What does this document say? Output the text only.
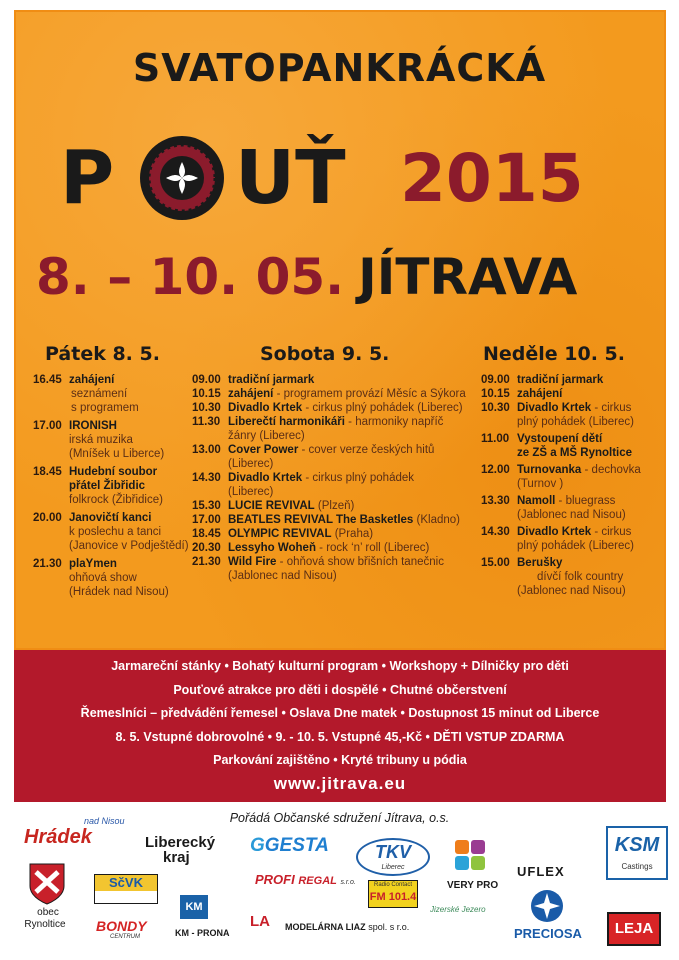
SVATOPANKRÁCKÁ
P UŤ 2015
8. – 10. 05. JÍTRAVA
Pátek 8. 5.
16.45 zahájení
seznámení
s programem
17.00 IRONISH
irská muzika
(Mníšek u Liberce)
18.45 Hudební soubor
přátel Žibřidic
folkrock (Žibřidice)
20.00 Janovičtí kanci
k poslechu a tanci
(Janovice v Podještědí)
21.30 plaYmen
ohňová show
(Hrádek nad Nisou)
Sobota 9. 5.
09.00 tradiční jarmark
10.15 zahájení - programem provází Měsíc a Sýkora
10.30 Divadlo Krtek - cirkus plný pohádek (Liberec)
11.30 Liberečtí harmonikáři - harmoniky napříč
žánry (Liberec)
13.00 Cover Power - cover verze českých hitů
(Liberec)
14.30 Divadlo Krtek - cirkus plný pohádek
(Liberec)
15.30 LUCIE REVIVAL (Plzeň)
17.00 BEATLES REVIVAL The Basketles (Kladno)
18.45 OLYMPIC REVIVAL (Praha)
20.30 Lessyho Woheň - rock ‘n’ roll (Liberec)
21.30 Wild Fire - ohňová show břišních tanečnic
(Jablonec nad Nisou)
Neděle 10. 5.
09.00 tradiční jarmark
10.15 zahájení
10.30 Divadlo Krtek - cirkus
plný pohádek (Liberec)
11.00 Vystoupení dětí
ze ZŠ a MŠ Rynoltice
12.00 Turnovanka - dechovka
(Turnov )
13.30 Namoll - bluegrass
(Jablonec nad Nisou)
14.30 Divadlo Krtek - cirkus
plný pohádek (Liberec)
15.00 Berušky
dívčí folk country
(Jablonec nad Nisou)
Jarmareční stánky • Bohatý kulturní program • Workshopy + Dílničky pro děti
Pouťové atrakce pro děti i dospělé • Chutné občerstvení
Řemeslníci – předvádění řemesel • Oslava Dne matek • Dostupnost 15 minut od Liberce
8. 5. Vstupné dobrovolné • 9. - 10. 5. Vstupné 45,-Kč • DĚTI VSTUP ZDARMA
Parkování zajištěno • Kryté tribuny u pódia
www.jitrava.eu
Pořádá Občanské sdružení Jítrava, o.s.
Hrádek
nad Nisou
Liberecký
kraj
GGESTA	TKV
Liberec
VERY PRO
UFLEX
KSM
Castings
obec
Rynoltice
SčVK
BONDY
CENTRUM
KM
KM - PRONA
PROFI REGAL s.r.o.	Radio Contact
FM 101.4
LA MODELÁRNA LIAZ spol. s r.o.
Jizerské Jezero
PRECIOSA	LEJA
